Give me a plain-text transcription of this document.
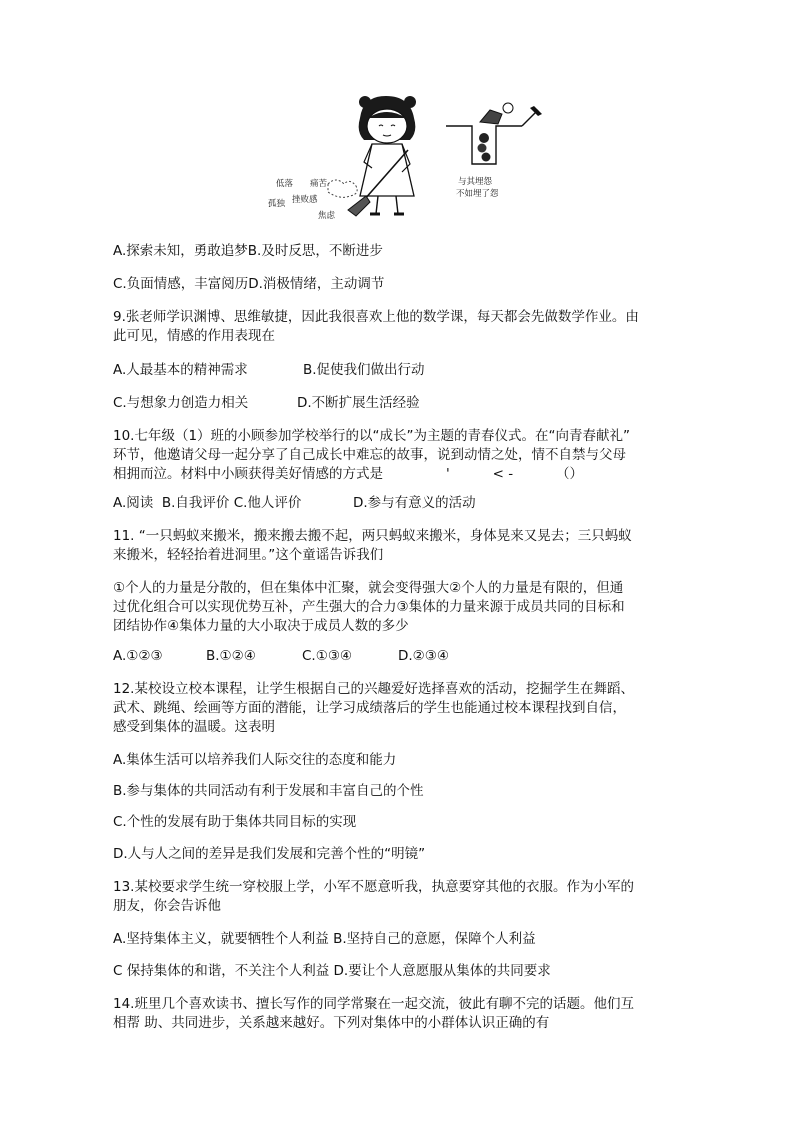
低落 痛苦
孤独 挫败感
焦虑
与其埋怨
不如埋了怨
A.探索未知，勇敢追梦B.及时反思，不断进步
C.负面情感，丰富阅历D.消极情绪，主动调节
9.张老师学识渊博、思维敏捷，因此我很喜欢上他的数学课，每天都会先做数学作业。由
此可见，情感的作用表现在
A.人最基本的精神需求	B.促使我们做出行动
C.与想象力创造力相关	D.不断扩展生活经验
10.七年级（1）班的小顾参加学校举行的以“成长”为主题的青春仪式。在“向青春献礼”
环节，他邀请父母一起分享了自己成长中难忘的故事，说到动情之处，情不自禁与父母
相拥而泣。材料中小顾获得美好情感的方式是	'          < -          （）
A.阅读  B.自我评价 C.他人评价	D.参与有意义的活动
11. “一只蚂蚁来搬米，搬来搬去搬不起，两只蚂蚁来搬米，身体晃来又晃去；三只蚂蚁
来搬米，轻轻抬着进洞里。”这个童谣告诉我们
①个人的力量是分散的，但在集体中汇聚，就会变得强大②个人的力量是有限的，但通
过优化组合可以实现优势互补，产生强大的合力③集体的力量来源于成员共同的目标和
团结协作④集体力量的大小取决于成员人数的多少
A.①②③	B.①②④	C.①③④	D.②③④
12.某校设立校本课程，让学生根据自己的兴趣爱好选择喜欢的活动，挖掘学生在舞蹈、
武术、跳绳、绘画等方面的潜能，让学习成绩落后的学生也能通过校本课程找到自信，
感受到集体的温暖。这表明
A.集体生活可以培养我们人际交往的态度和能力
B.参与集体的共同活动有利于发展和丰富自己的个性
C.个性的发展有助于集体共同目标的实现
D.人与人之间的差异是我们发展和完善个性的“明镜”
13.某校要求学生统一穿校服上学，小军不愿意听我，执意要穿其他的衣服。作为小军的
朋友，你会告诉他
A.坚持集体主义，就要牺牲个人利益 B.坚持自己的意愿，保障个人利益
C 保持集体的和谐，不关注个人利益 D.要让个人意愿服从集体的共同要求
14.班里几个喜欢读书、擅长写作的同学常聚在一起交流，彼此有聊不完的话题。他们互
相帮 助、共同进步，关系越来越好。下列对集体中的小群体认识正确的有
